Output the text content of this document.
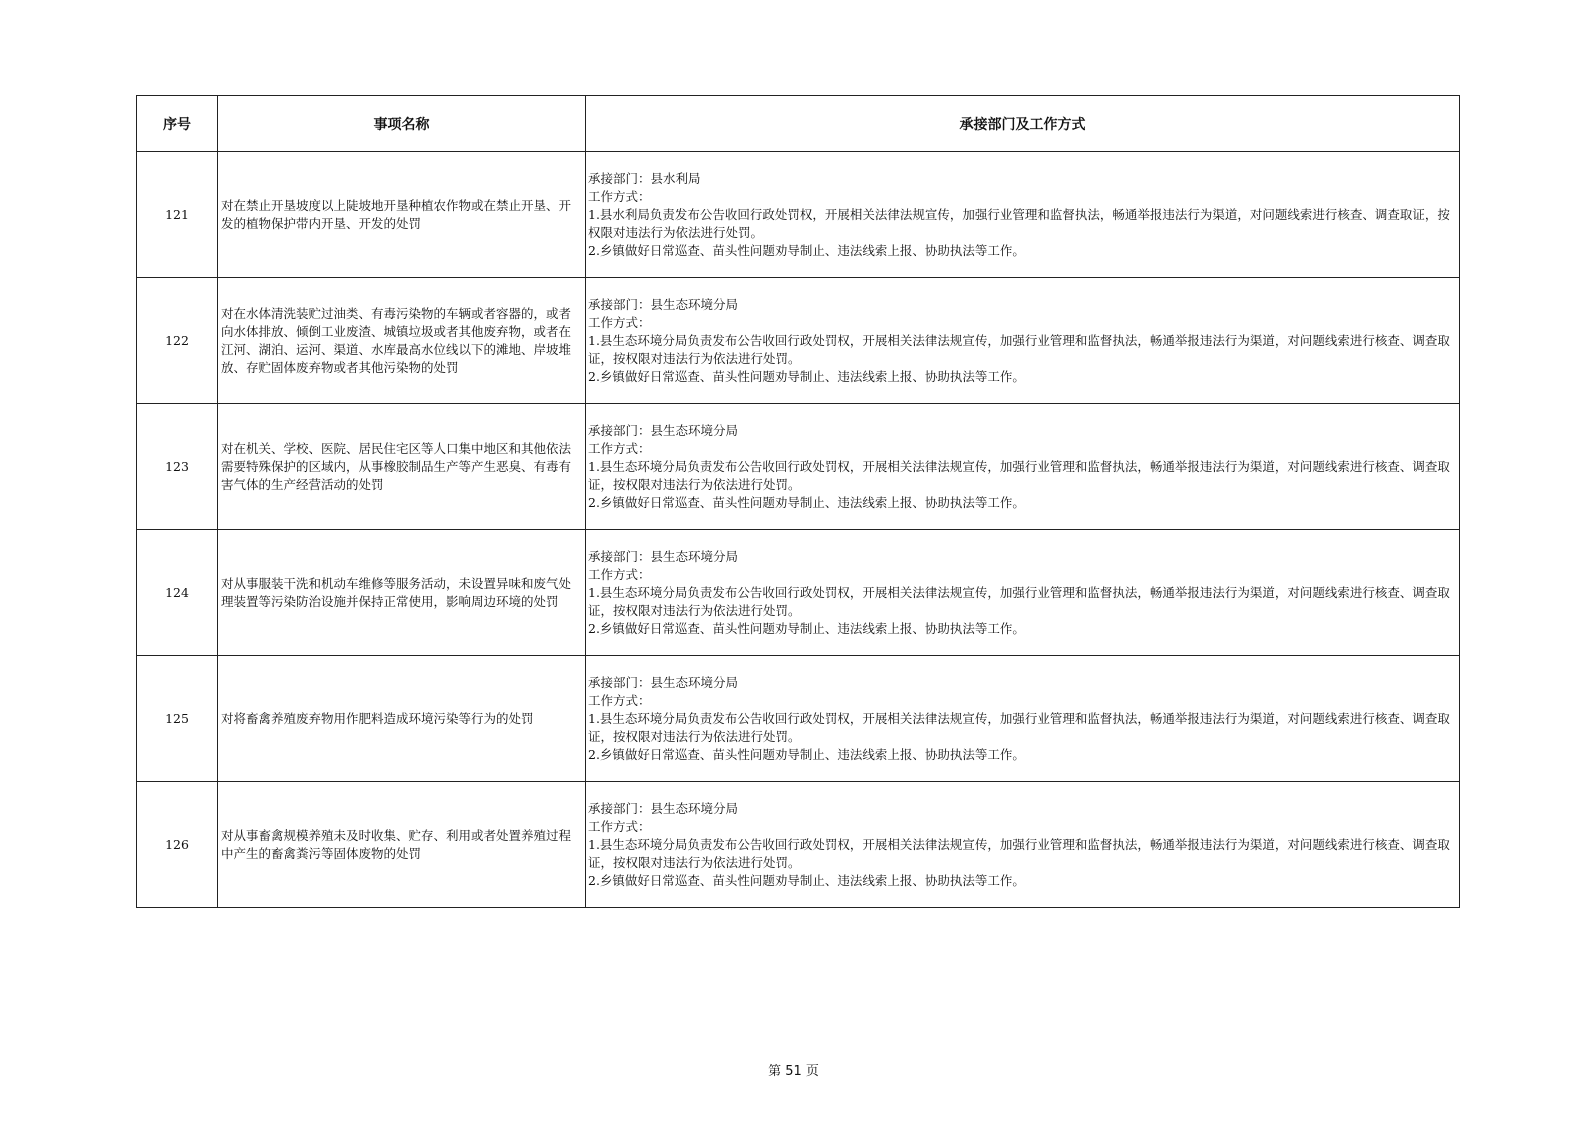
序号	事项名称	承接部门及工作方式
121	对在禁止开垦坡度以上陡坡地开垦种植农作物或在禁止开垦、开发的植物保护带内开垦、开发的处罚	承接部门：县水利局
工作方式：
1.县水利局负责发布公告收回行政处罚权，开展相关法律法规宣传，加强行业管理和监督执法，畅通举报违法行为渠道，对问题线索进行核查、调查取证，按权限对违法行为依法进行处罚。
2.乡镇做好日常巡查、苗头性问题劝导制止、违法线索上报、协助执法等工作。

122	对在水体清洗装贮过油类、有毒污染物的车辆或者容器的，或者向水体排放、倾倒工业废渣、城镇垃圾或者其他废弃物，或者在江河、湖泊、运河、渠道、水库最高水位线以下的滩地、岸坡堆放、存贮固体废弃物或者其他污染物的处罚	承接部门：县生态环境分局
工作方式：
1.县生态环境分局负责发布公告收回行政处罚权，开展相关法律法规宣传，加强行业管理和监督执法，畅通举报违法行为渠道，对问题线索进行核查、调查取证，按权限对违法行为依法进行处罚。
2.乡镇做好日常巡查、苗头性问题劝导制止、违法线索上报、协助执法等工作。

123	对在机关、学校、医院、居民住宅区等人口集中地区和其他依法需要特殊保护的区域内，从事橡胶制品生产等产生恶臭、有毒有害气体的生产经营活动的处罚	承接部门：县生态环境分局
工作方式：
1.县生态环境分局负责发布公告收回行政处罚权，开展相关法律法规宣传，加强行业管理和监督执法，畅通举报违法行为渠道，对问题线索进行核查、调查取证，按权限对违法行为依法进行处罚。
2.乡镇做好日常巡查、苗头性问题劝导制止、违法线索上报、协助执法等工作。

124	对从事服装干洗和机动车维修等服务活动，未设置异味和废气处理装置等污染防治设施并保持正常使用，影响周边环境的处罚	承接部门：县生态环境分局
工作方式：
1.县生态环境分局负责发布公告收回行政处罚权，开展相关法律法规宣传，加强行业管理和监督执法，畅通举报违法行为渠道，对问题线索进行核查、调查取证，按权限对违法行为依法进行处罚。
2.乡镇做好日常巡查、苗头性问题劝导制止、违法线索上报、协助执法等工作。

125	对将畜禽养殖废弃物用作肥料造成环境污染等行为的处罚	承接部门：县生态环境分局
工作方式：
1.县生态环境分局负责发布公告收回行政处罚权，开展相关法律法规宣传，加强行业管理和监督执法，畅通举报违法行为渠道，对问题线索进行核查、调查取证，按权限对违法行为依法进行处罚。
2.乡镇做好日常巡查、苗头性问题劝导制止、违法线索上报、协助执法等工作。

126	对从事畜禽规模养殖未及时收集、贮存、利用或者处置养殖过程中产生的畜禽粪污等固体废物的处罚	承接部门：县生态环境分局
工作方式：
1.县生态环境分局负责发布公告收回行政处罚权，开展相关法律法规宣传，加强行业管理和监督执法，畅通举报违法行为渠道，对问题线索进行核查、调查取证，按权限对违法行为依法进行处罚。
2.乡镇做好日常巡查、苗头性问题劝导制止、违法线索上报、协助执法等工作。
第 51 页
